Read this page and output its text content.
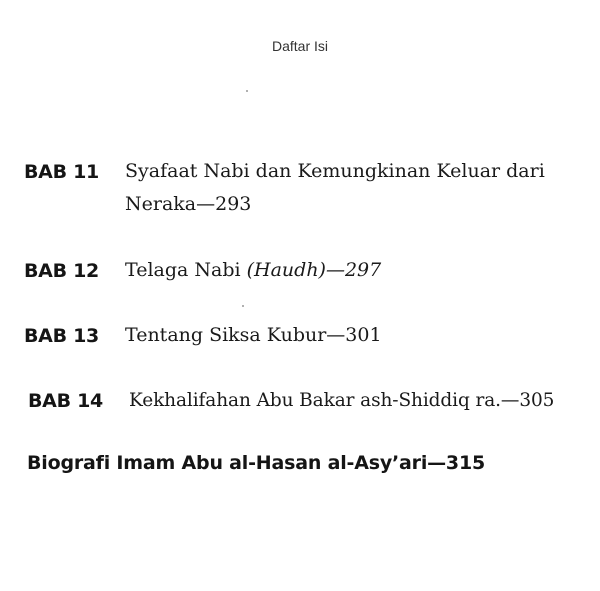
Daftar Isi
BAB 11 Syafaat Nabi dan Kemungkinan Keluar dari
Neraka—293
BAB 12 Telaga Nabi (Haudh)—297
BAB 13 Tentang Siksa Kubur—301
BAB 14 Kekhalifahan Abu Bakar ash-Shiddiq ra.—305
Biografi Imam Abu al-Hasan al-Asy’ari—315
